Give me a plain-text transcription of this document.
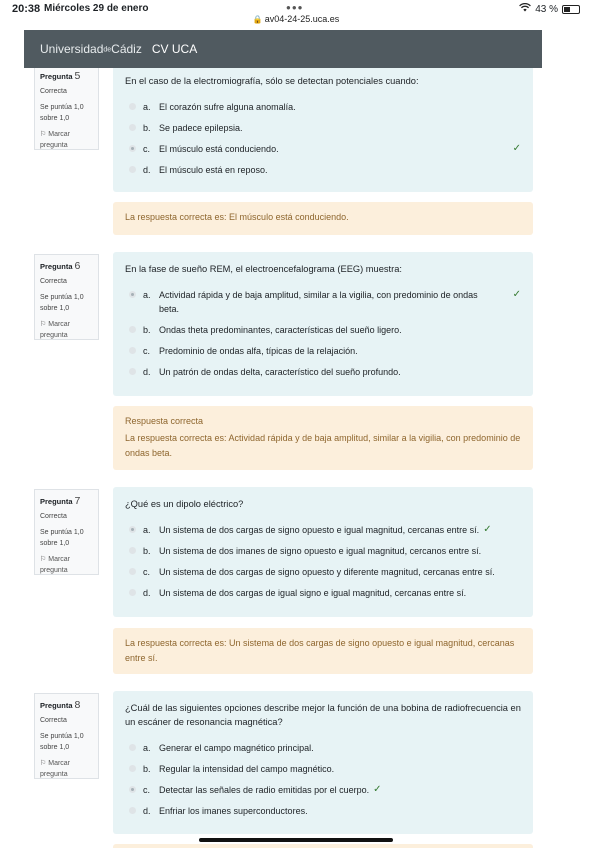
20:38 Miércoles 29 de enero	●●●
🔒 av04-24-25.uca.es
43 %
UniversidaddeCádiz CV UCA
Pregunta 5
Correcta
Se puntúa 1,0 sobre 1,0
⚐ Marcar pregunta
En el caso de la electromiografía, sólo se detectan potenciales cuando:
a. El corazón sufre alguna anomalía.
b. Se padece epilepsia.
c. El músculo está conduciendo.	✓
d. El músculo está en reposo.
La respuesta correcta es: El músculo está conduciendo.
Pregunta 6
Correcta
Se puntúa 1,0 sobre 1,0
⚐ Marcar pregunta
En la fase de sueño REM, el electroencefalograma (EEG) muestra:
a. Actividad rápida y de baja amplitud, similar a la vigilia, con predominio de ondas beta.
✓
b. Ondas theta predominantes, características del sueño ligero.
c. Predominio de ondas alfa, típicas de la relajación.
d. Un patrón de ondas delta, característico del sueño profundo.
Respuesta correcta
La respuesta correcta es: Actividad rápida y de baja amplitud, similar a la vigilia, con predominio de ondas beta.
Pregunta 7
Correcta
Se puntúa 1,0 sobre 1,0
⚐ Marcar pregunta
¿Qué es un dipolo eléctrico?
a. Un sistema de dos cargas de signo opuesto e igual magnitud, cercanas entre sí. ✓
b. Un sistema de dos imanes de signo opuesto e igual magnitud, cercanos entre sí.
c. Un sistema de dos cargas de signo opuesto y diferente magnitud, cercanas entre sí.
d. Un sistema de dos cargas de igual signo e igual magnitud, cercanas entre sí.
La respuesta correcta es: Un sistema de dos cargas de signo opuesto e igual magnitud, cercanas entre sí.
Pregunta 8
Correcta
Se puntúa 1,0 sobre 1,0
⚐ Marcar pregunta
¿Cuál de las siguientes opciones describe mejor la función de una bobina de radiofrecuencia en un escáner de resonancia magnética?
a. Generar el campo magnético principal.
b. Regular la intensidad del campo magnético.
c. Detectar las señales de radio emitidas por el cuerpo. ✓
d. Enfriar los imanes superconductores.
